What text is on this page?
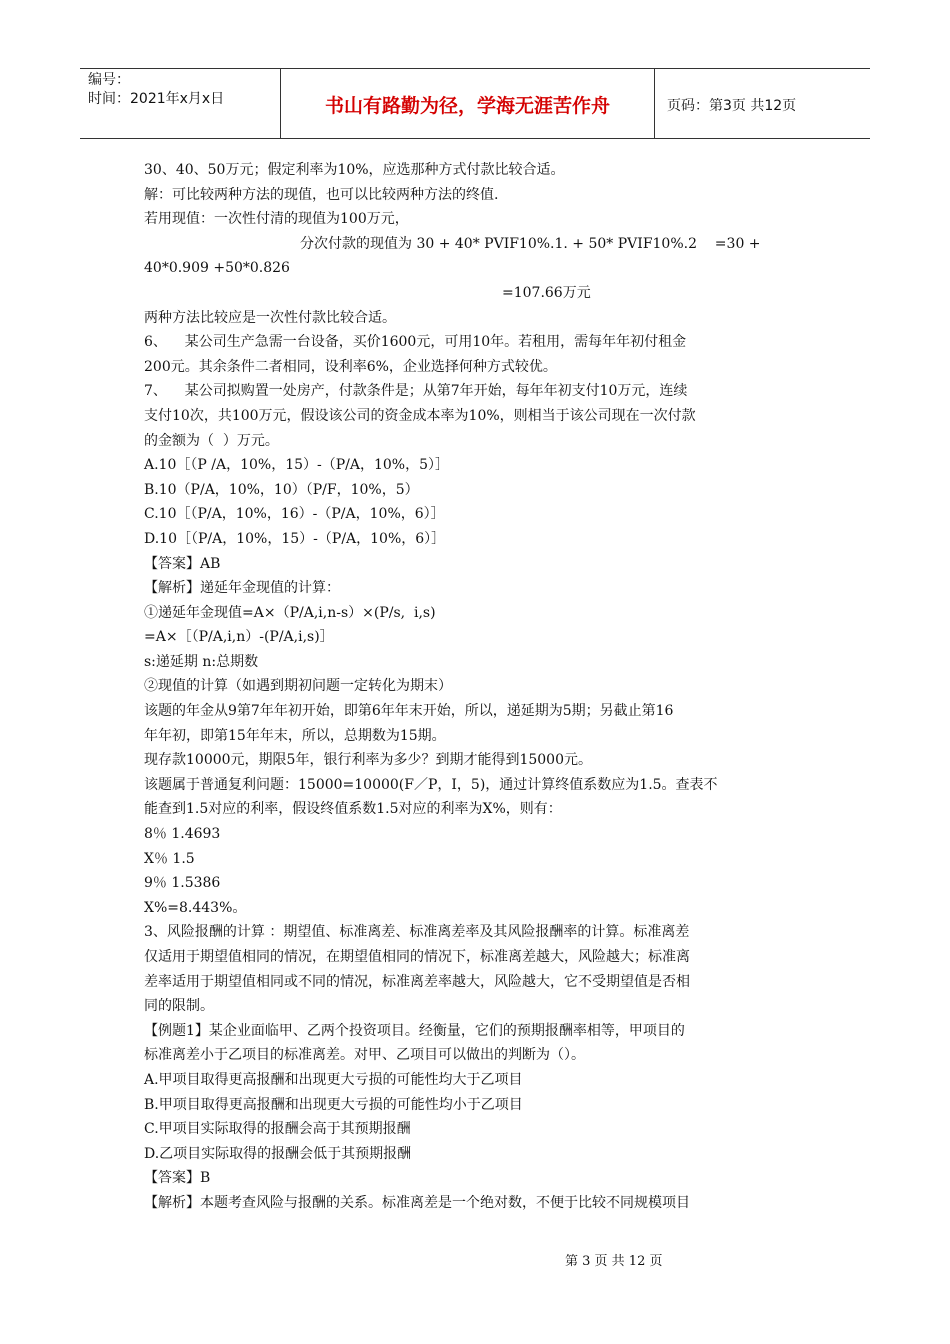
编号：
时间：2021年x月x日	书山有路勤为径，学海无涯苦作舟	页码：第3页 共12页
30、40、50万元；假定利率为10%，应选那种方式付款比较合适。
解：可比较两种方法的现值，也可以比较两种方法的终值.
若用现值：一次性付清的现值为100万元，
分次付款的现值为 30 + 40* PVIF10%.1. + 50* PVIF10%.2    =30 +
40*0.909 +50*0.826
=107.66万元
两种方法比较应是一次性付款比较合适。
6、    某公司生产急需一台设备，买价1600元，可用10年。若租用，需每年年初付租金
200元。其余条件二者相同，设利率6%，企业选择何种方式较优。
7、    某公司拟购置一处房产，付款条件是；从第7年开始，每年年初支付10万元，连续
支付10次，共100万元，假设该公司的资金成本率为10%，则相当于该公司现在一次付款
的金额为（  ）万元。
A.10［（P /A，10%，15）-（P/A，10%，5）］
B.10（P/A，10%，10）（P/F，10%，5）
C.10［（P/A，10%，16）-（P/A，10%，6）］
D.10［（P/A，10%，15）-（P/A，10%，6）］
【答案】AB
【解析】递延年金现值的计算：
①递延年金现值=A×（P/A,i,n-s）×(P/s,  i,s)
=A×［（P/A,i,n）-(P/A,i,s)］
s:递延期 n:总期数
②现值的计算（如遇到期初问题一定转化为期末）
该题的年金从9第7年年初开始，即第6年年末开始，所以，递延期为5期；另截止第16
年年初，即第15年年末，所以，总期数为15期。
现存款10000元，期限5年，银行利率为多少？到期才能得到15000元。
该题属于普通复利问题：15000=10000(F／P，I，5)，通过计算终值系数应为1.5。查表不
能查到1.5对应的利率，假设终值系数1.5对应的利率为X%，则有：
8％ 1.4693
X％ 1.5
9％ 1.5386
X%=8.443%。
3、风险报酬的计算 ：期望值、标准离差、标准离差率及其风险报酬率的计算。标准离差
仅适用于期望值相同的情况，在期望值相同的情况下，标准离差越大，风险越大；标准离
差率适用于期望值相同或不同的情况，标准离差率越大，风险越大，它不受期望值是否相
同的限制。
【例题1】某企业面临甲、乙两个投资项目。经衡量，它们的预期报酬率相等，甲项目的
标准离差小于乙项目的标准离差。对甲、乙项目可以做出的判断为（）。
A.甲项目取得更高报酬和出现更大亏损的可能性均大于乙项目
B.甲项目取得更高报酬和出现更大亏损的可能性均小于乙项目
C.甲项目实际取得的报酬会高于其预期报酬
D.乙项目实际取得的报酬会低于其预期报酬
【答案】B
【解析】本题考查风险与报酬的关系。标准离差是一个绝对数，不便于比较不同规模项目
第 3 页 共 12 页
